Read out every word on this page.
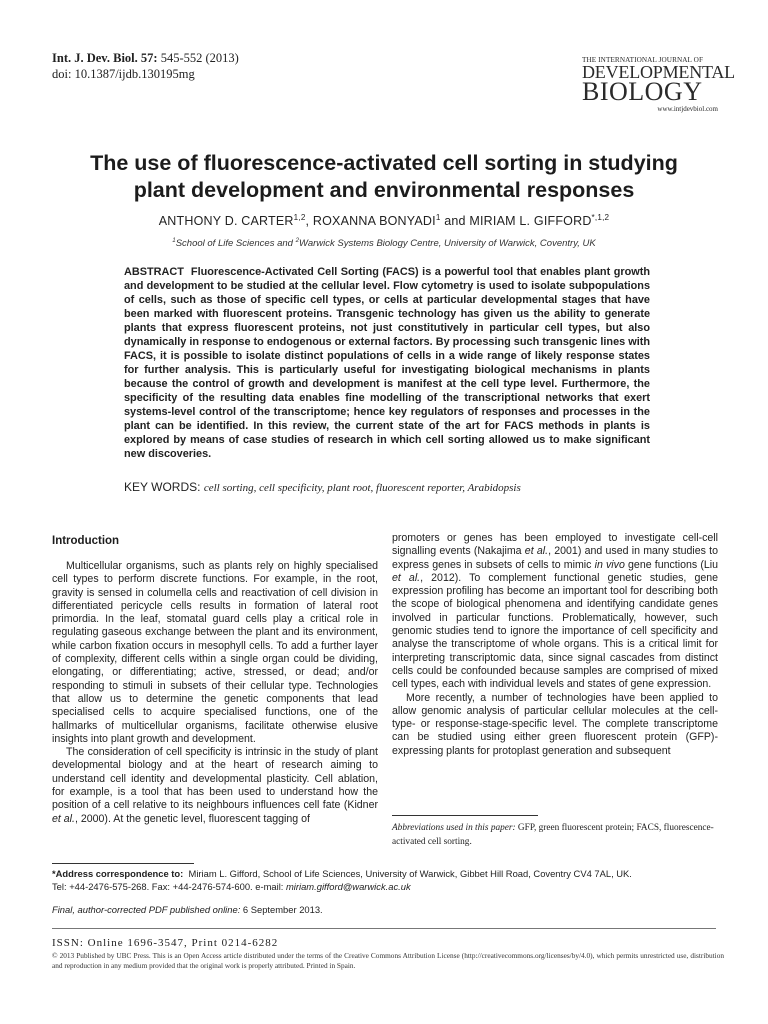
Int. J. Dev. Biol. 57: 545-552 (2013)
doi: 10.1387/ijdb.130195mg
THE INTERNATIONAL JOURNAL OF
DEVELOPMENTAL
BIOLOGY
www.intjdevbiol.com
The use of fluorescence-activated cell sorting in studying
plant development and environmental responses
ANTHONY D. CARTER$^{1,2}$, ROXANNA BONYADI$^1$ and MIRIAM L. $GIFFORD^{*,1,2}$
$^1$School of Life Sciences and $^2$Warwick Systems Biology Centre, University of Warwick, Coventry, UK
ABSTRACT Fluorescence-Activated Cell Sorting (FACS) is a powerful tool that enables plant growth and development to be studied at the cellular level. Flow cytometry is used to isolate subpopulations of cells, such as those of specific cell types, or cells at particular developmental stages that have been marked with fluorescent proteins. Transgenic technology has given us the ability to generate plants that express fluorescent proteins, not just constitutively in particular cell types, but also dynamically in response to endogenous or external factors. By processing such transgenic lines with FACS, it is possible to isolate distinct populations of cells in a wide range of likely response states for further analysis. This is particularly useful for investigating biological mechanisms in plants because the control of growth and development is manifest at the cell type level. Furthermore, the specificity of the resulting data enables fine modelling of the transcriptional networks that exert systems-level control of the transcriptome; hence key regulators of responses and processes in the plant can be identified. In this review, the current state of the art for FACS methods in plants is explored by means of case studies of research in which cell sorting allowed us to make significant new discoveries.
KEY WORDS: cell sorting, cell specificity, plant root, fluorescent reporter, Arabidopsis
Introduction

Multicellular organisms, such as plants rely on highly specialised cell types to perform discrete functions. For example, in the root, gravity is sensed in columella cells and reactivation of cell division in differentiated pericycle cells results in formation of lateral root primordia. In the leaf, stomatal guard cells play a critical role in regulating gaseous exchange between the plant and its environment, while carbon fixation occurs in mesophyll cells. To add a further layer of complexity, different cells within a single organ could be dividing, elongating, or differentiating; active, stressed, or dead; and/or responding to stimuli in subsets of their cellular type. Technologies that allow us to determine the genetic components that lead specialised cells to acquire specialised functions, one of the hallmarks of multicellular organisms, facilitate otherwise elusive insights into plant growth and development.

The consideration of cell specificity is intrinsic in the study of plant developmental biology and at the heart of research aiming to understand cell identity and developmental plasticity. Cell ablation, for example, is a tool that has been used to understand how the position of a cell relative to its neighbours influences cell fate (Kidner et al., 2000). At the genetic level, fluorescent tagging of

promoters or genes has been employed to investigate cell-cell signalling events (Nakajima et al., 2001) and used in many studies to express genes in subsets of cells to mimic in vivo gene functions (Liu et al., 2012). To complement functional genetic studies, gene expression profiling has become an important tool for describing both the scope of biological phenomena and identifying candidate genes involved in particular functions. Problematically, however, such genomic studies tend to ignore the importance of cell specificity and analyse the transcriptome of whole organs. This is a critical limit for interpreting transcriptomic data, since signal cascades from distinct cells could be confounded because samples are comprised of mixed cell types, each with individual levels and states of gene expression.

More recently, a number of technologies have been applied to allow genomic analysis of particular cellular molecules at the cell-type- or response-stage-specific level. The complete transcriptome can be studied using either green fluorescent protein (GFP)-expressing plants for protoplast generation and subsequent

Abbreviations used in this paper: GFP, green fluorescent protein; FACS, fluorescence-activated cell sorting.
*Address correspondence to: Miriam L. Gifford, School of Life Sciences, University of Warwick, Gibbet Hill Road, Coventry CV4 7AL, UK.
Tel: +44-2476-575-268. Fax: +44-2476-574-600. e-mail: miriam.gifford@warwick.ac.uk
Final, author-corrected PDF published online: 6 September 2013.
ISSN: Online 1696-3547, Print 0214-6282
© 2013 Published by UBC Press. This is an Open Access article distributed under the terms of the Creative Commons Attribution License (http://creativecommons.org/licenses/by/4.0), which permits unrestricted use, distribution and reproduction in any medium provided that the original work is properly attributed. Printed in Spain.
